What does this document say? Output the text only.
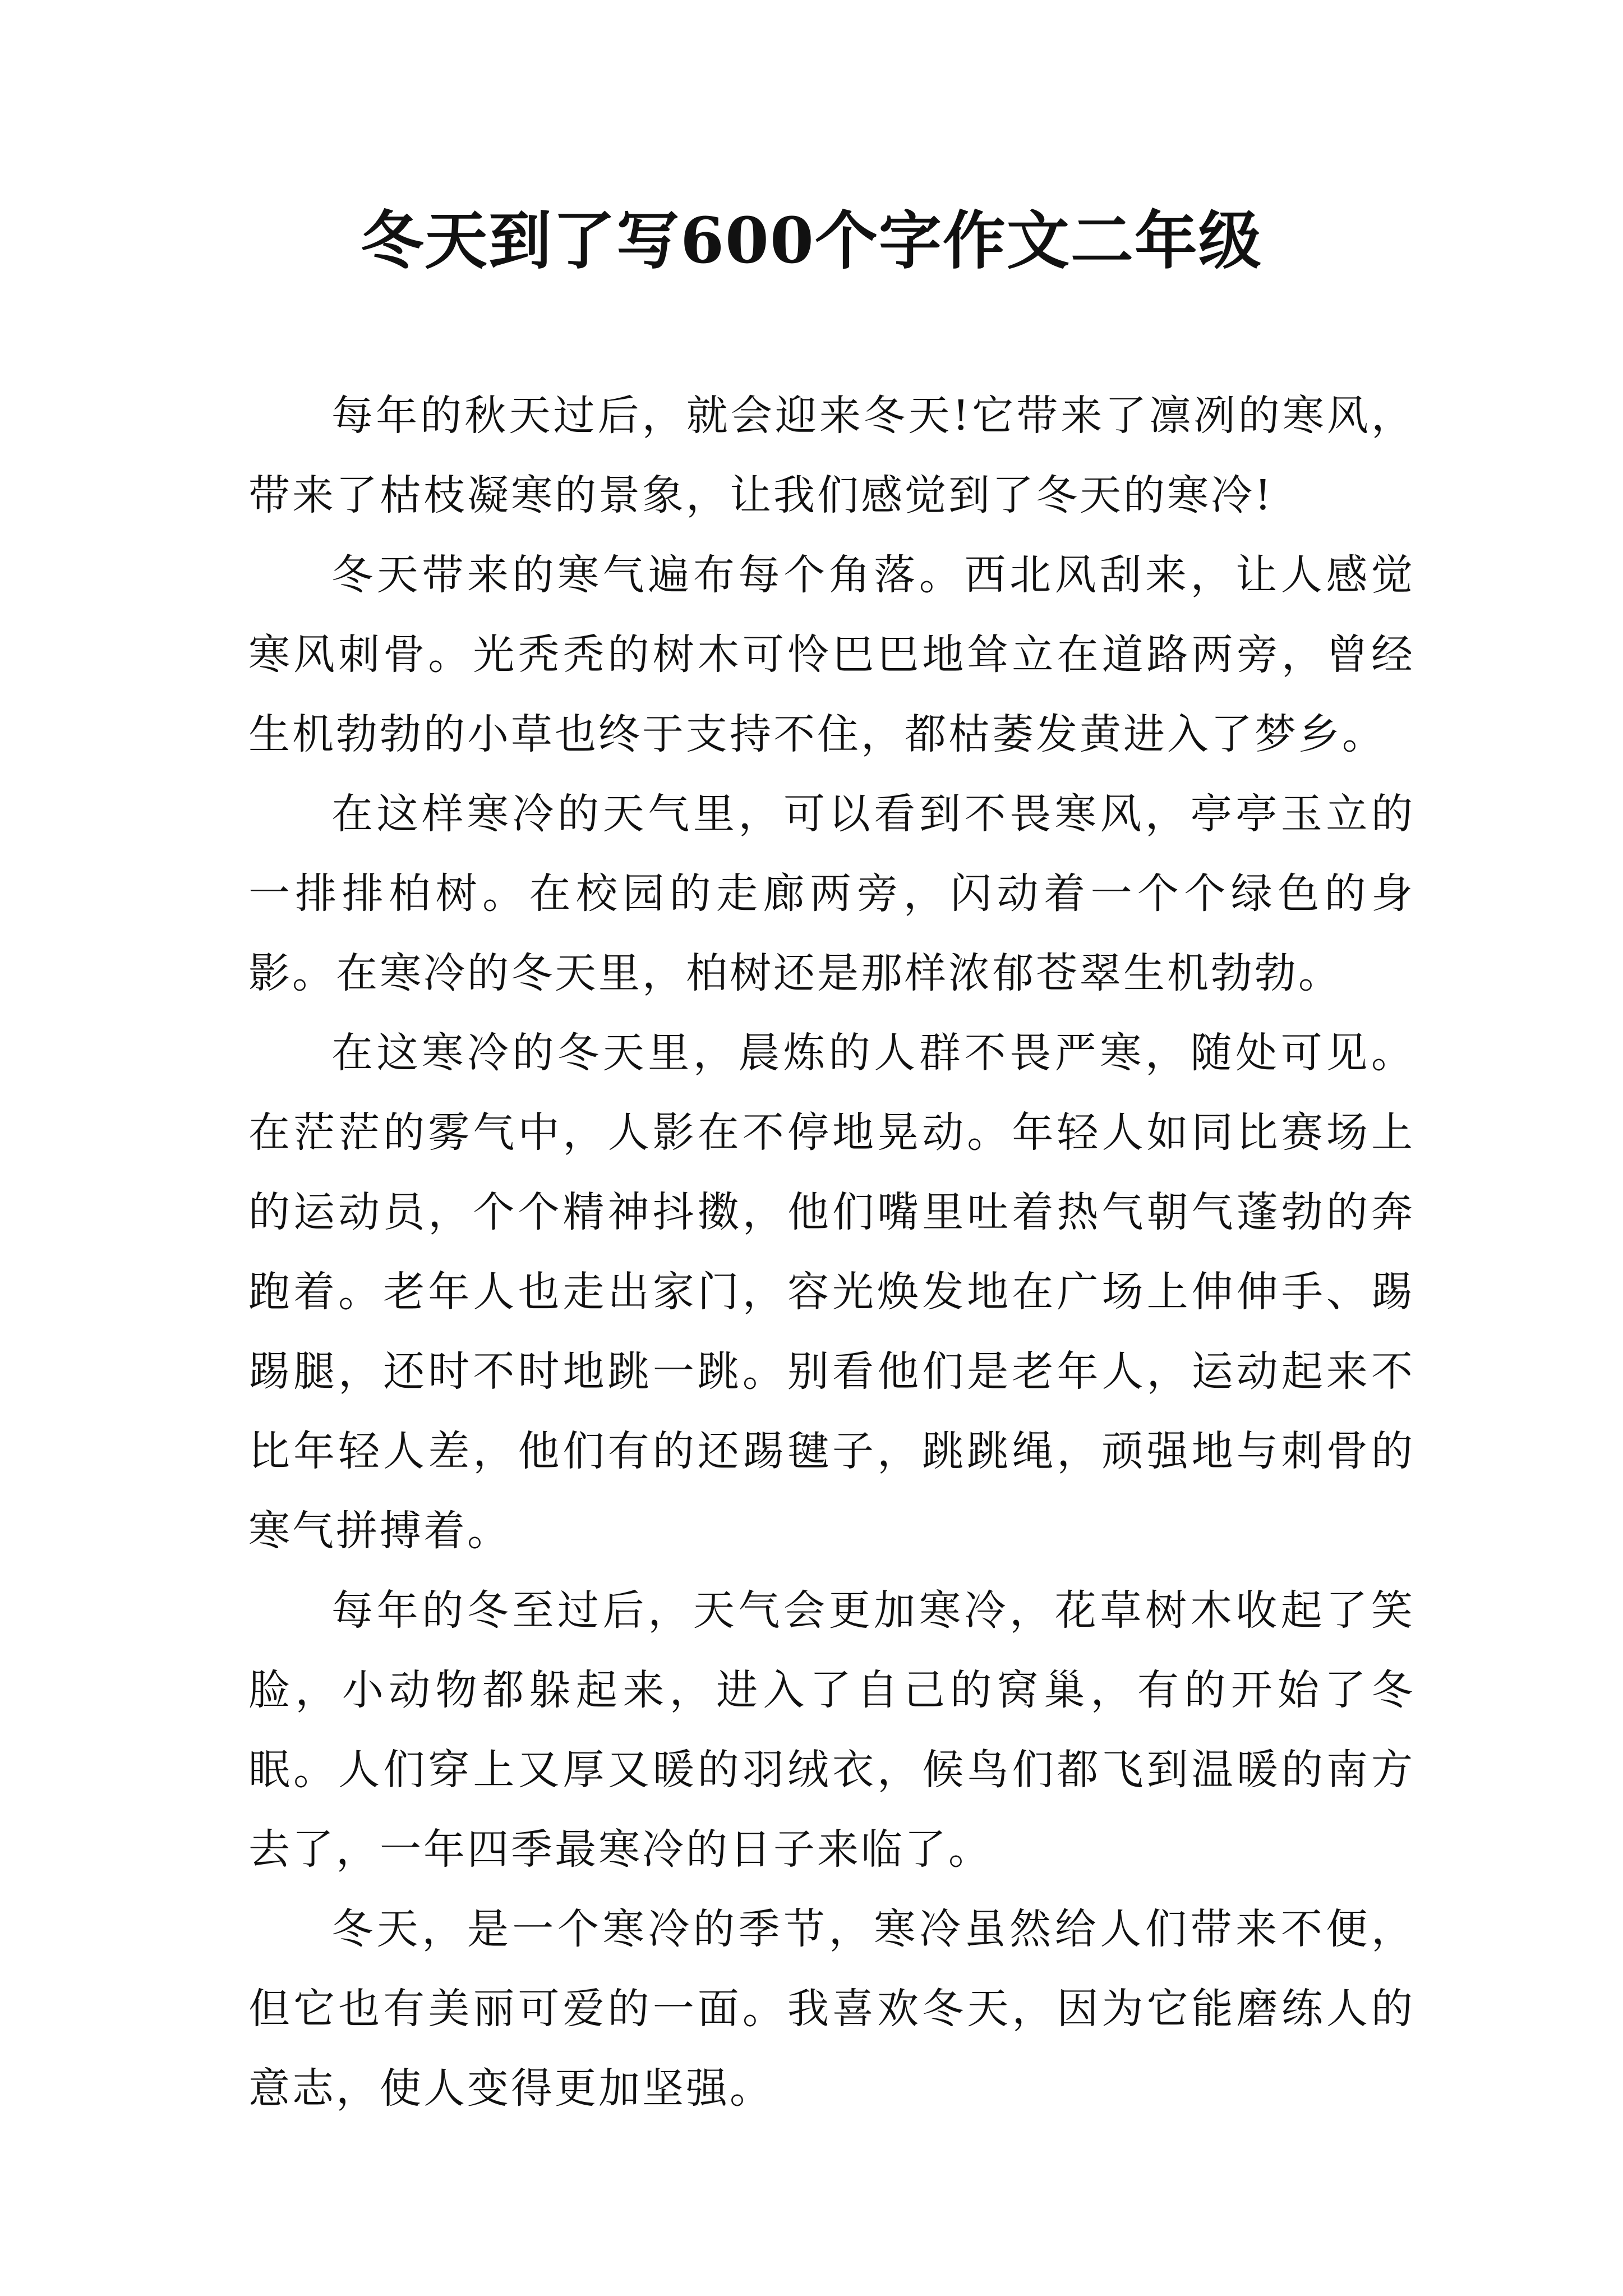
冬天到了写600个字作文二年级

每年的秋天过后，就会迎来冬天!它带来了凛冽的寒风，带来了枯枝凝寒的景象，让我们感觉到了冬天的寒冷!

冬天带来的寒气遍布每个角落。西北风刮来，让人感觉寒风刺骨。光秃秃的树木可怜巴巴地耸立在道路两旁，曾经生机勃勃的小草也终于支持不住，都枯萎发黄进入了梦乡。

在这样寒冷的天气里，可以看到不畏寒风，亭亭玉立的一排排柏树。在校园的走廊两旁，闪动着一个个绿色的身影。在寒冷的冬天里，柏树还是那样浓郁苍翠生机勃勃。

在这寒冷的冬天里，晨炼的人群不畏严寒，随处可见。在茫茫的雾气中，人影在不停地晃动。年轻人如同比赛场上的运动员，个个精神抖擞，他们嘴里吐着热气朝气蓬勃的奔跑着。老年人也走出家门，容光焕发地在广场上伸伸手、踢踢腿，还时不时地跳一跳。别看他们是老年人，运动起来不比年轻人差，他们有的还踢毽子，跳跳绳，顽强地与刺骨的寒气拼搏着。

每年的冬至过后，天气会更加寒冷，花草树木收起了笑脸，小动物都躲起来，进入了自己的窝巢，有的开始了冬眠。人们穿上又厚又暖的羽绒衣，候鸟们都飞到温暖的南方去了，一年四季最寒冷的日子来临了。

冬天，是一个寒冷的季节，寒冷虽然给人们带来不便，但它也有美丽可爱的一面。我喜欢冬天，因为它能磨练人的意志，使人变得更加坚强。
